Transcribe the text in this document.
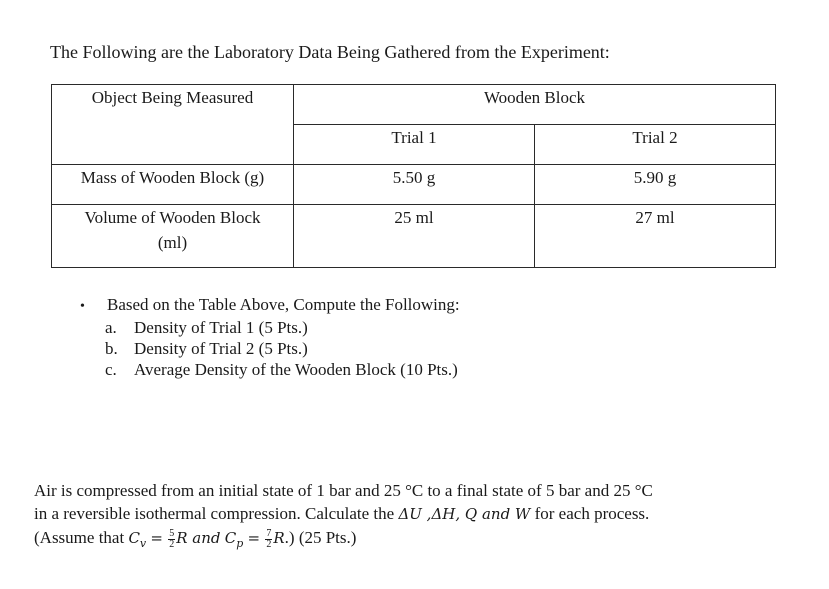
The Following are the Laboratory Data Being Gathered from the Experiment:
Object Being Measured	Wooden Block	

	Trial 1	Trial 2

Mass of Wooden Block (g)	5.50 g	5.90 g

Volume of Wooden Block
(ml)	25 ml	27 ml
•	Based on the Table Above, Compute the Following:
a.	Density of Trial 1 (5 Pts.)
b. Density of Trial 2 (5 Pts.)
c.	Average Density of the Wooden Block (10 Pts.)
Air is compressed from an initial state of 1 bar and 25 °C to a final state of 5 bar and 25 °C
in a reversible isothermal compression. Calculate the ΔU ,ΔH, Q and W for each process.
(Assume that $C_v = \frac{5}{2}$ R and $C_p = \frac{7}{2} R$.) (25 Pts.)
